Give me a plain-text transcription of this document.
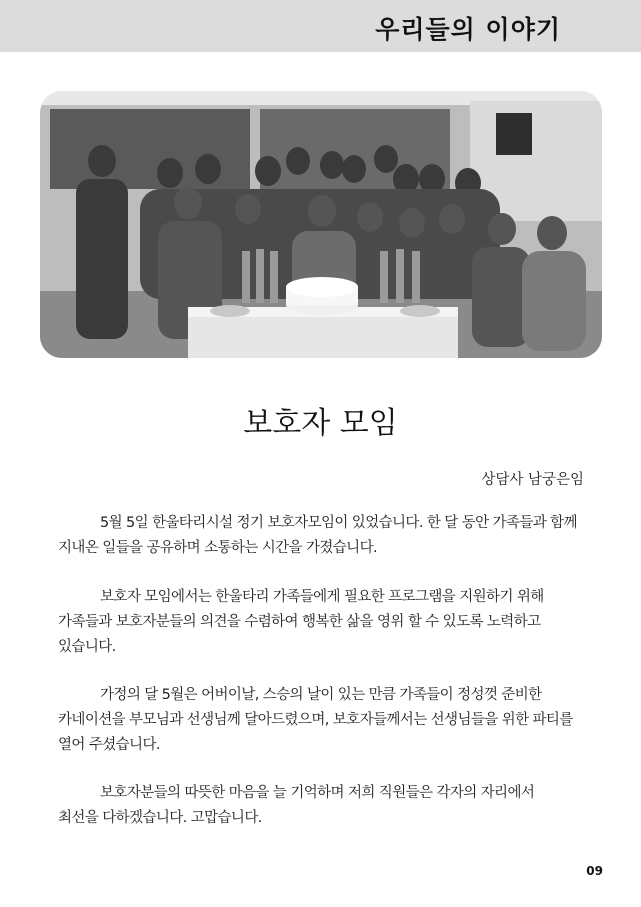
우리들의 이야기
보호자 모임
상담사 남궁은임
5월 5일 한울타리시설 정기 보호자모임이 있었습니다. 한 달 동안 가족들과 함께 지내온 일들을 공유하며 소통하는 시간을 가졌습니다.
보호자 모임에서는 한울타리 가족들에게 필요한 프로그램을 지원하기 위해 가족들과 보호자분들의 의견을 수렴하여 행복한 삶을 영위 할 수 있도록 노력하고 있습니다.
가정의 달 5월은 어버이날, 스승의 날이 있는 만큼 가족들이 정성껏 준비한 카네이션을 부모님과 선생님께 달아드렸으며, 보호자들께서는 선생님들을 위한 파티를 열어 주셨습니다.
보호자분들의 따뜻한 마음을 늘 기억하며 저희 직원들은 각자의 자리에서 최선을 다하겠습니다. 고맙습니다.
09
